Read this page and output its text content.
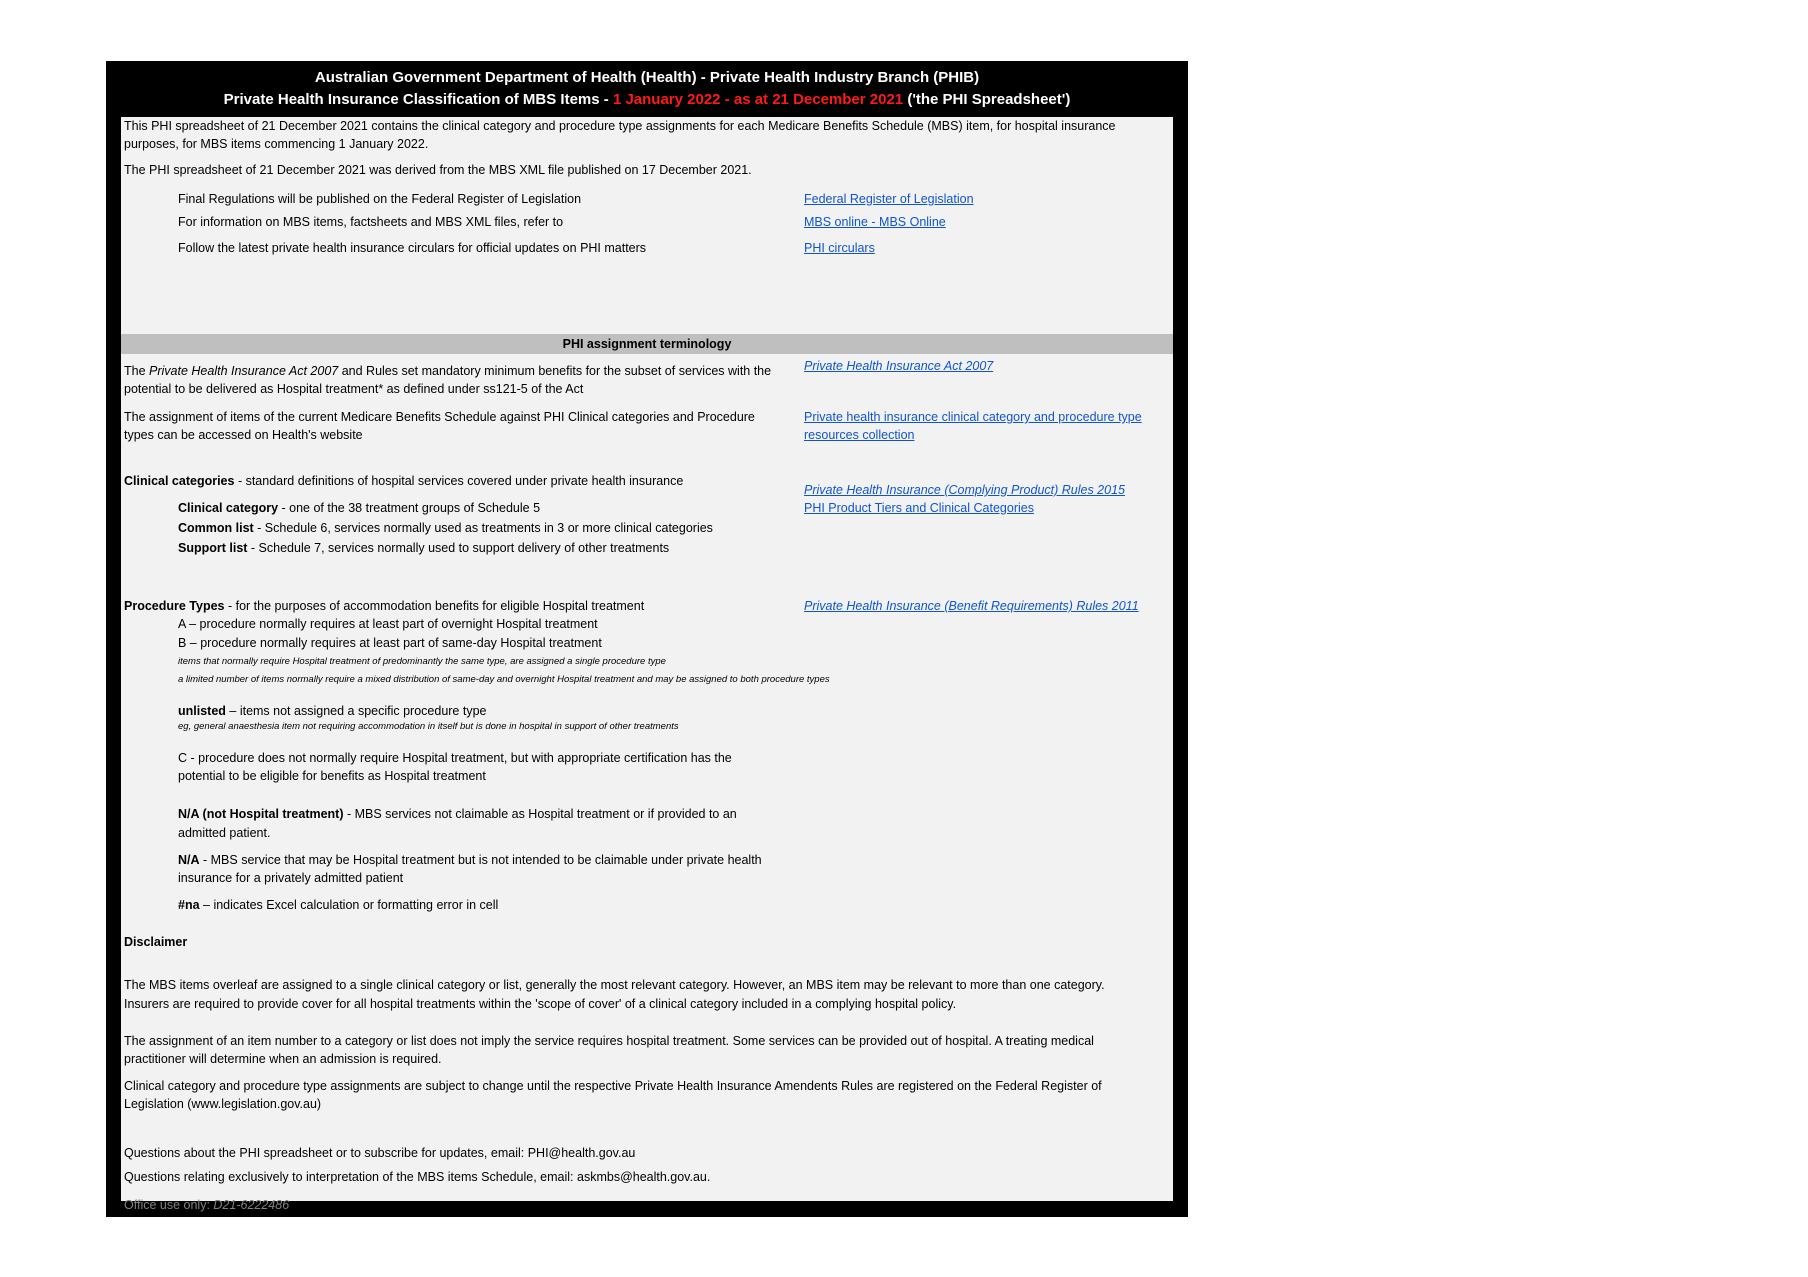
Australian Government Department of Health (Health) - Private Health Industry Branch (PHIB)
Private Health Insurance Classification of MBS Items - 1 January 2022 - as at 21 December 2021 ('the PHI Spreadsheet')
This PHI spreadsheet of 21 December 2021 contains the clinical category and procedure type assignments for each Medicare Benefits Schedule (MBS) item, for hospital insurance
purposes, for MBS items commencing 1 January 2022.
The PHI spreadsheet of 21 December 2021 was derived from the MBS XML file published on 17 December 2021.
Final Regulations will be published on the Federal Register of Legislation	Federal Register of Legislation
For information on MBS items, factsheets and MBS XML files, refer to	MBS online - MBS Online
Follow the latest private health insurance circulars for official updates on PHI matters	PHI circulars
PHI assignment terminology
The Private Health Insurance Act 2007 and Rules set mandatory minimum benefits for the subset of services with the
potential to be delivered as Hospital treatment* as defined under ss121-5 of the Act
Private Health Insurance Act 2007
The assignment of items of the current Medicare Benefits Schedule against PHI Clinical categories and Procedure
types can be accessed on Health's website
Private health insurance clinical category and procedure type
resources collection
Clinical categories - standard definitions of hospital services covered under private health insurance
Private Health Insurance (Complying Product) Rules 2015
Clinical category - one of the 38 treatment groups of Schedule 5	PHI Product Tiers and Clinical Categories
Common list - Schedule 6, services normally used as treatments in 3 or more clinical categories
Support list - Schedule 7, services normally used to support delivery of other treatments
Procedure Types - for the purposes of accommodation benefits for eligible Hospital treatment	Private Health Insurance (Benefit Requirements) Rules 2011
A – procedure normally requires at least part of overnight Hospital treatment
B – procedure normally requires at least part of same-day Hospital treatment
items that normally require Hospital treatment of predominantly the same type, are assigned a single procedure type
a limited number of items normally require a mixed distribution of same-day and overnight Hospital treatment and may be assigned to both procedure types
unlisted – items not assigned a specific procedure type
eg, general anaesthesia item not requiring accommodation in itself but is done in hospital in support of other treatments
C - procedure does not normally require Hospital treatment, but with appropriate certification has the
potential to be eligible for benefits as Hospital treatment
N/A (not Hospital treatment) - MBS services not claimable as Hospital treatment or if provided to an
admitted patient.
N/A - MBS service that may be Hospital treatment but is not intended to be claimable under private health
insurance for a privately admitted patient
#na – indicates Excel calculation or formatting error in cell
Disclaimer
The MBS items overleaf are assigned to a single clinical category or list, generally the most relevant category. However, an MBS item may be relevant to more than one category.
Insurers are required to provide cover for all hospital treatments within the 'scope of cover' of a clinical category included in a complying hospital policy.
The assignment of an item number to a category or list does not imply the service requires hospital treatment. Some services can be provided out of hospital. A treating medical
practitioner will determine when an admission is required.
Clinical category and procedure type assignments are subject to change until the respective Private Health Insurance Amendents Rules are registered on the Federal Register of
Legislation (www.legislation.gov.au)
Questions about the PHI spreadsheet or to subscribe for updates, email: PHI@health.gov.au
Questions relating exclusively to interpretation of the MBS items Schedule, email: askmbs@health.gov.au.
Office use only: D21-6222486
